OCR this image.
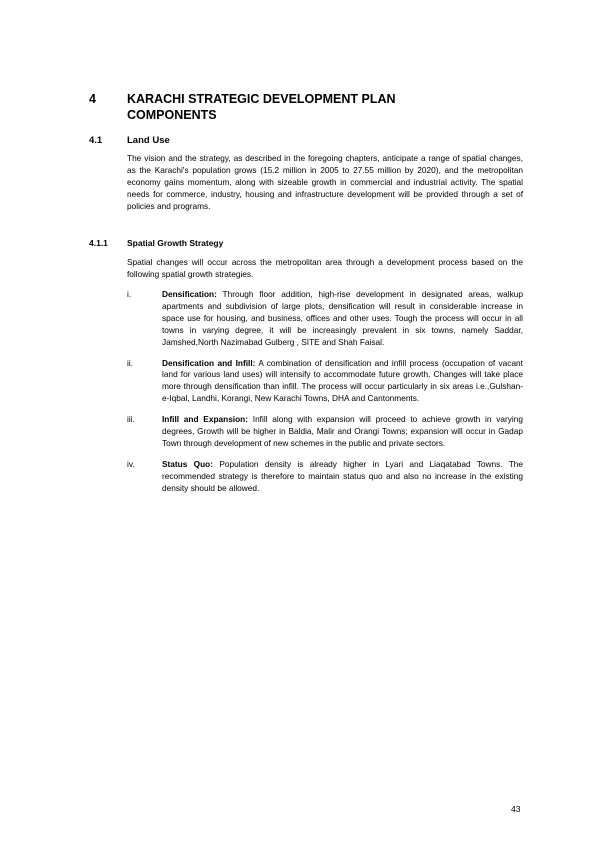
4 KARACHI STRATEGIC DEVELOPMENT PLAN COMPONENTS
4.1	Land Use
The vision and the strategy, as described in the foregoing chapters, anticipate a range of spatial changes, as the Karachi's population grows (15.2 million in 2005 to 27.55 million by 2020), and the metropolitan economy gains momentum, along with sizeable growth in commercial and industrial activity. The spatial needs for commerce, industry, housing and infrastructure development will be provided through a set of policies and programs.
4.1.1 Spatial Growth Strategy
Spatial changes will occur across the metropolitan area through a development process based on the following spatial growth strategies.
i.	Densification: Through floor addition, high-rise development in designated areas, walkup apartments and subdivision of large plots, densification will result in considerable increase in space use for housing, and business, offices and other uses. Tough the process will occur in all towns in varying degree, it will be increasingly prevalent in six towns, namely Saddar, Jamshed,North Nazimabad Gulberg , SITE and Shah Faisal.
ii.	Densification and Infill: A combination of densification and infill process (occupation of vacant land for various land uses) will intensify to accommodate future growth. Changes will take place more through densification than infill. The process will occur particularly in six areas i.e.,Gulshan-e-Iqbal, Landhi, Korangi, New Karachi Towns, DHA and Cantonments.
iii.	Infill and Expansion: Infill along with expansion will proceed to achieve growth in varying degrees, Growth will be higher in Baldia, Malir and Orangi Towns; expansion will occur in Gadap Town through development of new schemes in the public and private sectors.
iv.	Status Quo: Population density is already higher in Lyari and Liaqatabad Towns. The recommended strategy is therefore to maintain status quo and also no increase in the existing density should be allowed.
43
